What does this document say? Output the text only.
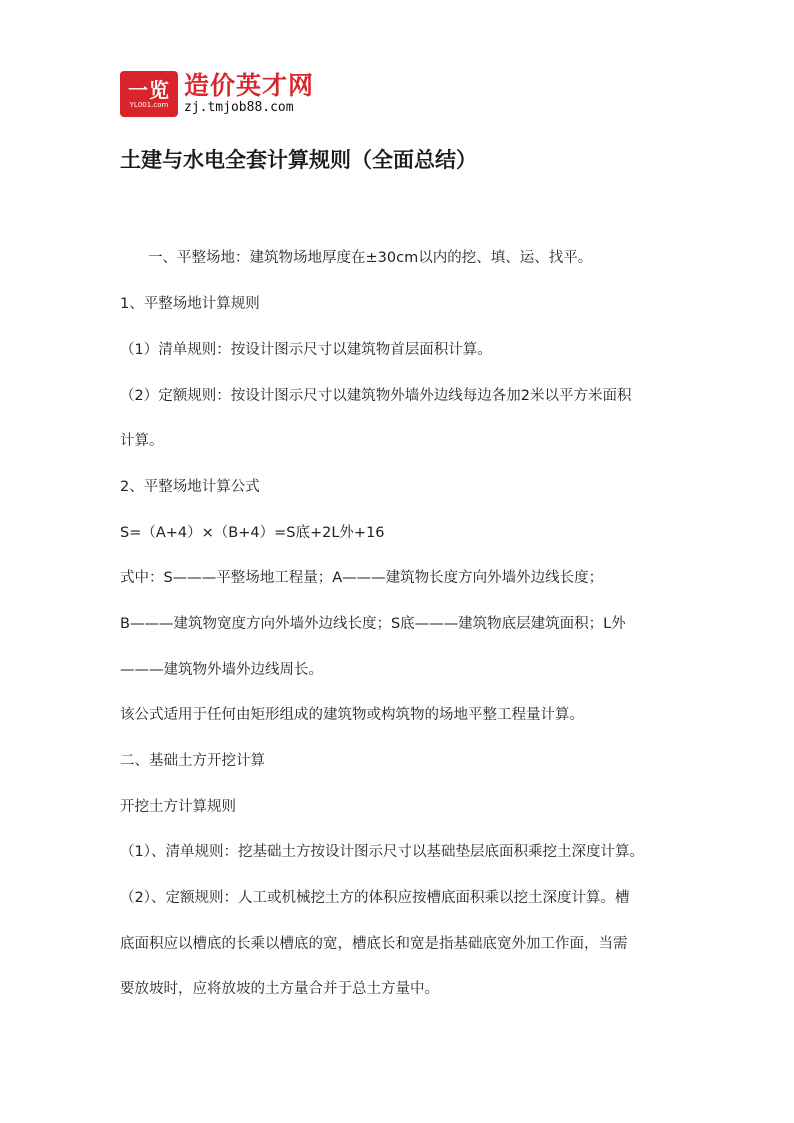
一览
YL001.com
造价英才网
zj.tmjob88.com
土建与水电全套计算规则（全面总结）

一、平整场地：建筑物场地厚度在±30cm以内的挖、填、运、找平。

1、平整场地计算规则

（1）清单规则：按设计图示尺寸以建筑物首层面积计算。

（2）定额规则：按设计图示尺寸以建筑物外墙外边线每边各加2米以平方米面积

计算。

2、平整场地计算公式

S=（A+4）×（B+4）=S底+2L外+16

式中：S———平整场地工程量；A———建筑物长度方向外墙外边线长度；

B———建筑物宽度方向外墙外边线长度；S底———建筑物底层建筑面积；L外

———建筑物外墙外边线周长。

该公式适用于任何由矩形组成的建筑物或构筑物的场地平整工程量计算。

二、基础土方开挖计算

开挖土方计算规则

（1）、清单规则：挖基础土方按设计图示尺寸以基础垫层底面积乘挖土深度计算。

（2）、定额规则：人工或机械挖土方的体积应按槽底面积乘以挖土深度计算。槽

底面积应以槽底的长乘以槽底的宽，槽底长和宽是指基础底宽外加工作面，当需

要放坡时，应将放坡的土方量合并于总土方量中。
